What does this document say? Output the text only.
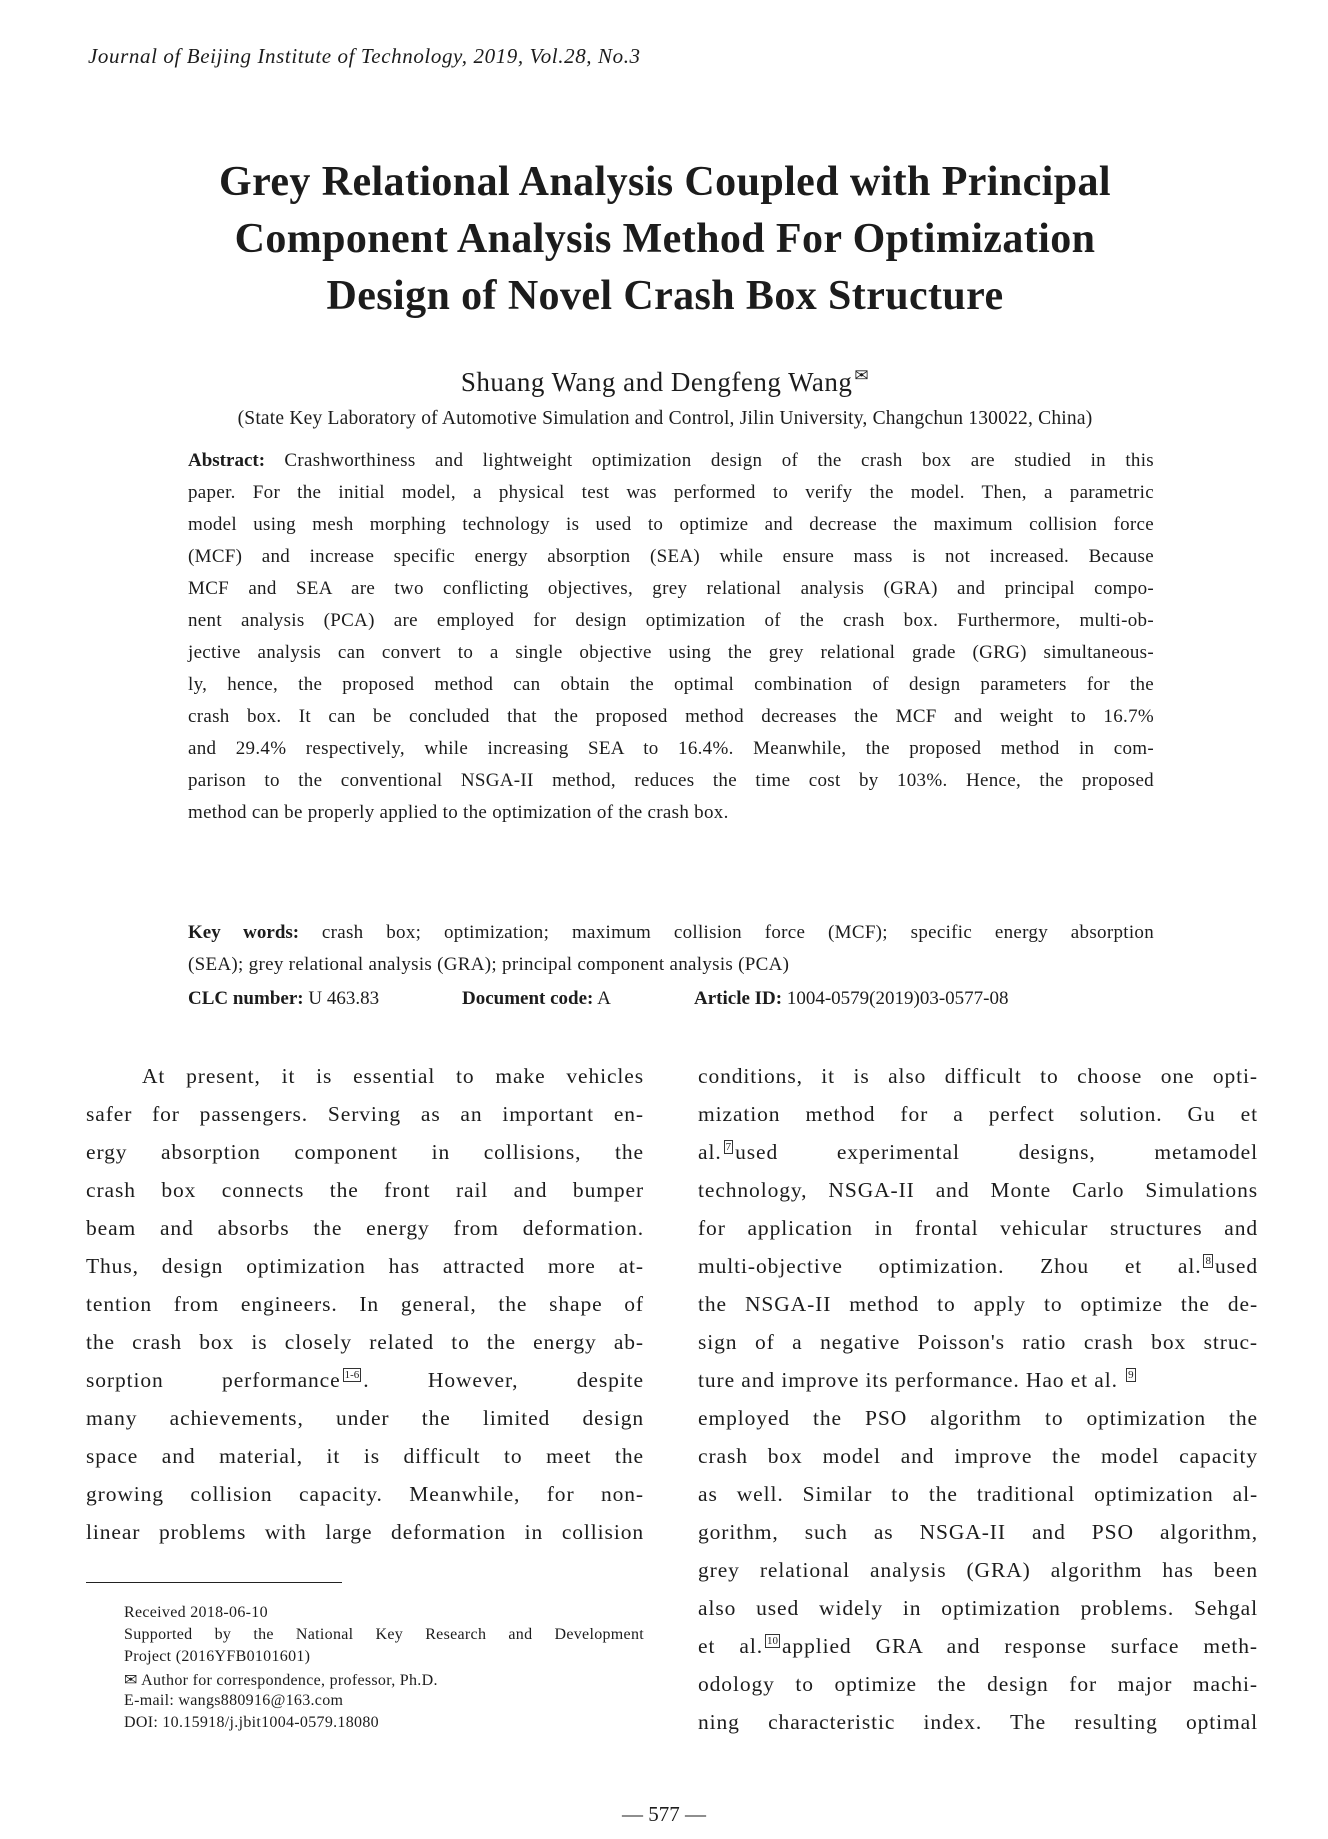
Journal of Beijing Institute of Technology, 2019, Vol.28, No.3
Grey Relational Analysis Coupled with Principal
Component Analysis Method For Optimization
Design of Novel Crash Box Structure
Shuang Wang and Dengfeng Wang ✉
(State Key Laboratory of Automotive Simulation and Control, Jilin University, Changchun 130022, China)
Abstract: Crashworthiness and lightweight optimization design of the crash box are studied in this
paper. For the initial model, a physical test was performed to verify the model. Then, a parametric
model using mesh morphing technology is used to optimize and decrease the maximum collision force
(MCF) and increase specific energy absorption (SEA) while ensure mass is not increased. Because
MCF and SEA are two conflicting objectives, grey relational analysis (GRA) and principal compo-
nent analysis (PCA) are employed for design optimization of the crash box. Furthermore, multi-ob-
jective analysis can convert to a single objective using the grey relational grade (GRG) simultaneous-
ly, hence, the proposed method can obtain the optimal combination of design parameters for the
crash box. It can be concluded that the proposed method decreases the MCF and weight to 16.7%
and 29.4% respectively, while increasing SEA to 16.4%. Meanwhile, the proposed method in com-
parison to the conventional NSGA-II method, reduces the time cost by 103%. Hence, the proposed
method can be properly applied to the optimization of the crash box.
Key words: crash box; optimization; maximum collision force (MCF); specific energy absorption
(SEA); grey relational analysis (GRA); principal component analysis (PCA)
CLC number: U 463.83	Document code: A	Article ID: 1004-0579(2019)03-0577-08
At present, it is essential to make vehicles
safer for passengers. Serving as an important en-
ergy absorption component in collisions, the
crash box connects the front rail and bumper
beam and absorbs the energy from deformation.
Thus, design optimization has attracted more at-
tention from engineers. In general, the shape of
the crash box is closely related to the energy ab-
sorption performance $^{1-6}$ . However, despite
many achievements, under the limited design
space and material, it is difficult to meet the
growing collision capacity. Meanwhile, for non-
linear problems with large deformation in collision
conditions, it is also difficult to choose one opti-
mization method for a perfect solution. Gu et
al. $^7$ used experimental designs, metamodel
technology, NSGA-II and Monte Carlo Simulations
for application in frontal vehicular structures and
multi-objective optimization. Zhou et al. $^8$ used
the NSGA-II method to apply to optimize the de-
sign of a negative Poisson's ratio crash box struc-
ture and improve its performance. Hao et al. $^9$
employed the PSO algorithm to optimization the
crash box model and improve the model capacity
as well. Similar to the traditional optimization al-
gorithm, such as NSGA-II and PSO algorithm,
grey relational analysis (GRA) algorithm has been
also used widely in optimization problems. Sehgal
et al. $^{10}$ applied GRA and response surface meth-
odology to optimize the design for major machi-
ning characteristic index. The resulting optimal
Received 2018-06-10
Supported by the National Key Research and Development
Project (2016YFB0101601)
✉ Author for correspondence, professor, Ph.D.
E-mail: wangs880916@163.com
DOI: 10.15918/j.jbit1004-0579.18080
— 577 —
